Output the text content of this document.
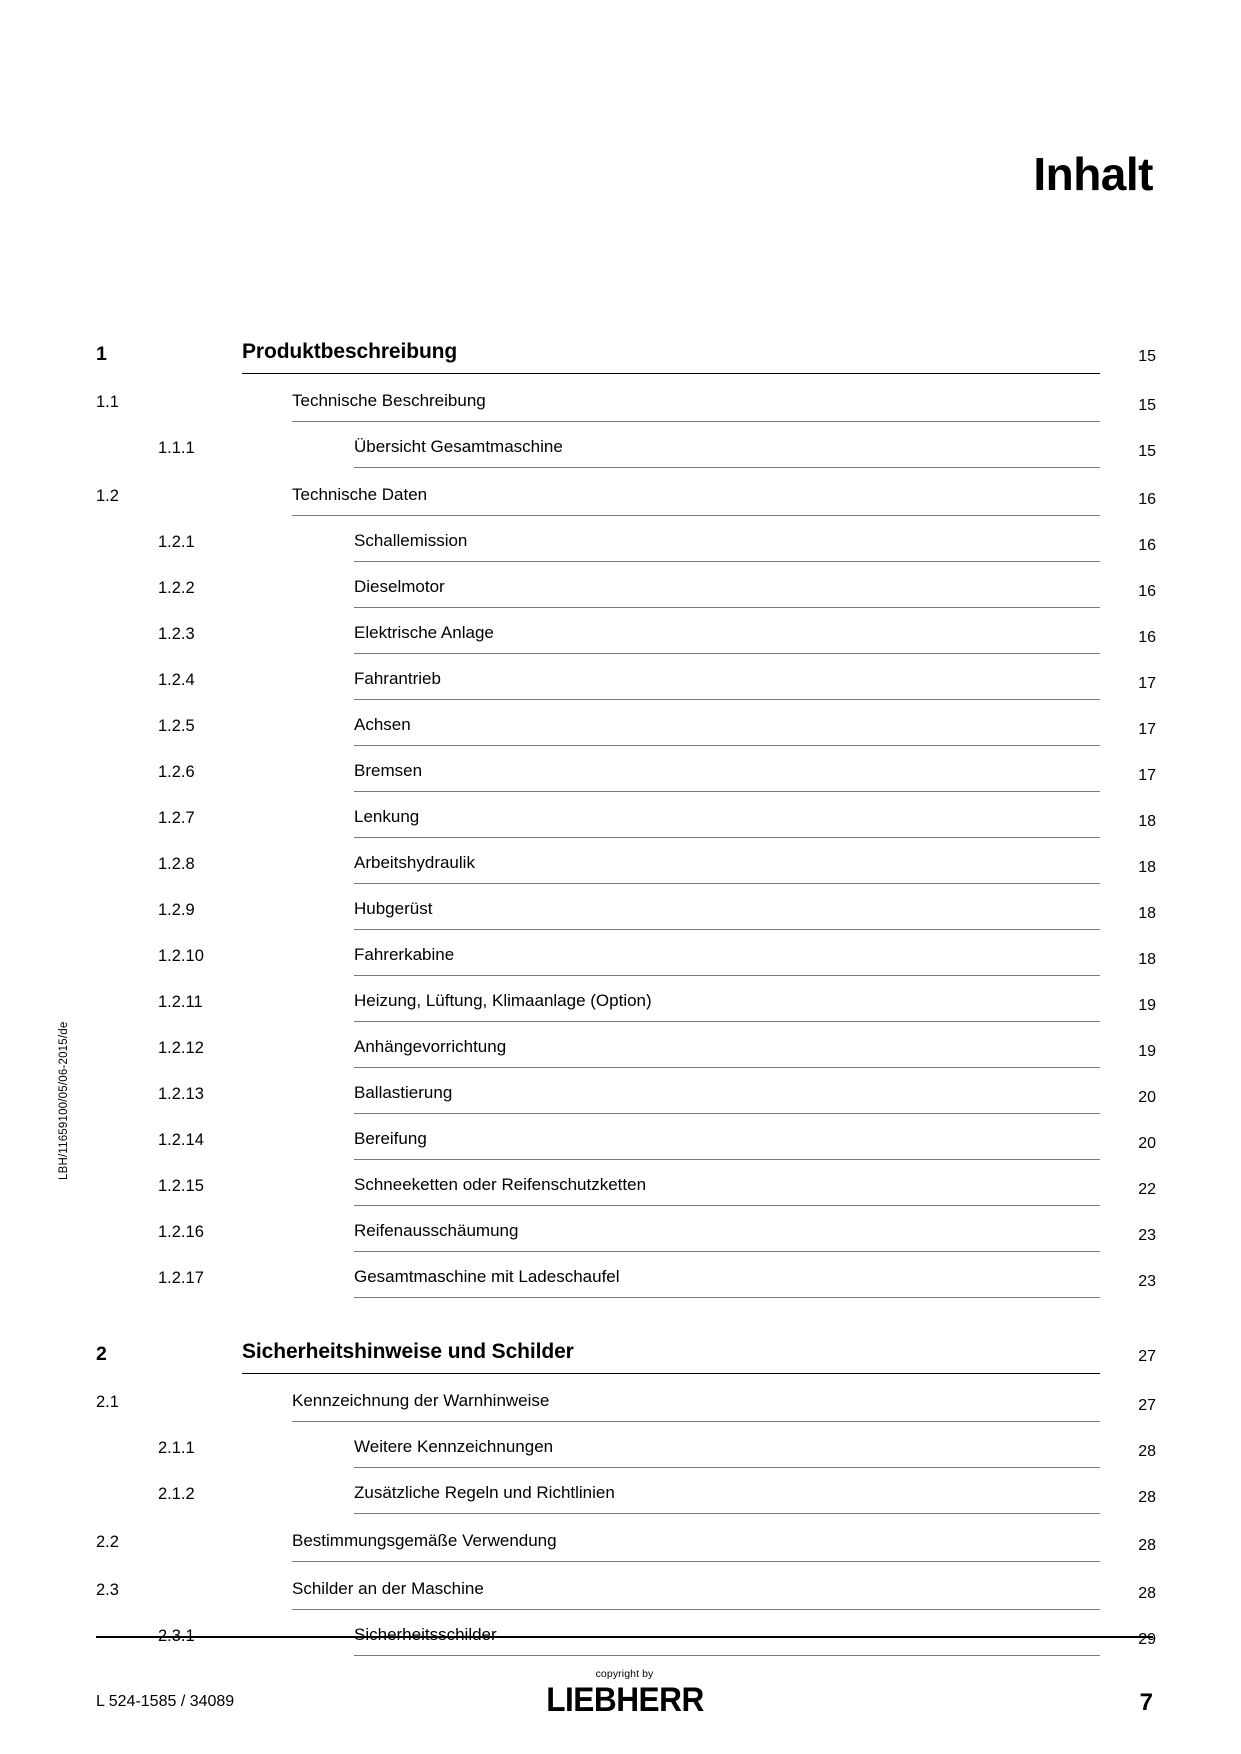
Inhalt
1	Produktbeschreibung	15
1.1	Technische Beschreibung	15
1.1.1	Übersicht Gesamtmaschine	15
1.2	Technische Daten	16
1.2.1	Schallemission	16
1.2.2	Dieselmotor	16
1.2.3	Elektrische Anlage	16
1.2.4	Fahrantrieb	17
1.2.5	Achsen	17
1.2.6	Bremsen	17
1.2.7	Lenkung	18
1.2.8	Arbeitshydraulik	18
1.2.9	Hubgerüst	18
1.2.10	Fahrerkabine	18
1.2.11	Heizung, Lüftung, Klimaanlage (Option)	19
1.2.12	Anhängevorrichtung	19
1.2.13	Ballastierung	20
1.2.14	Bereifung	20
1.2.15	Schneeketten oder Reifenschutzketten	22
1.2.16	Reifenausschäumung	23
1.2.17	Gesamtmaschine mit Ladeschaufel	23
2	Sicherheitshinweise und Schilder	27
2.1	Kennzeichnung der Warnhinweise	27
2.1.1	Weitere Kennzeichnungen	28
2.1.2	Zusätzliche Regeln und Richtlinien	28
2.2	Bestimmungsgemäße Verwendung	28
2.3	Schilder an der Maschine	28
2.3.1	Sicherheitsschilder	29
LBH/11659100/05/06-2015/de
L 524-1585 / 34089
copyright by
LIEBHERR	7
